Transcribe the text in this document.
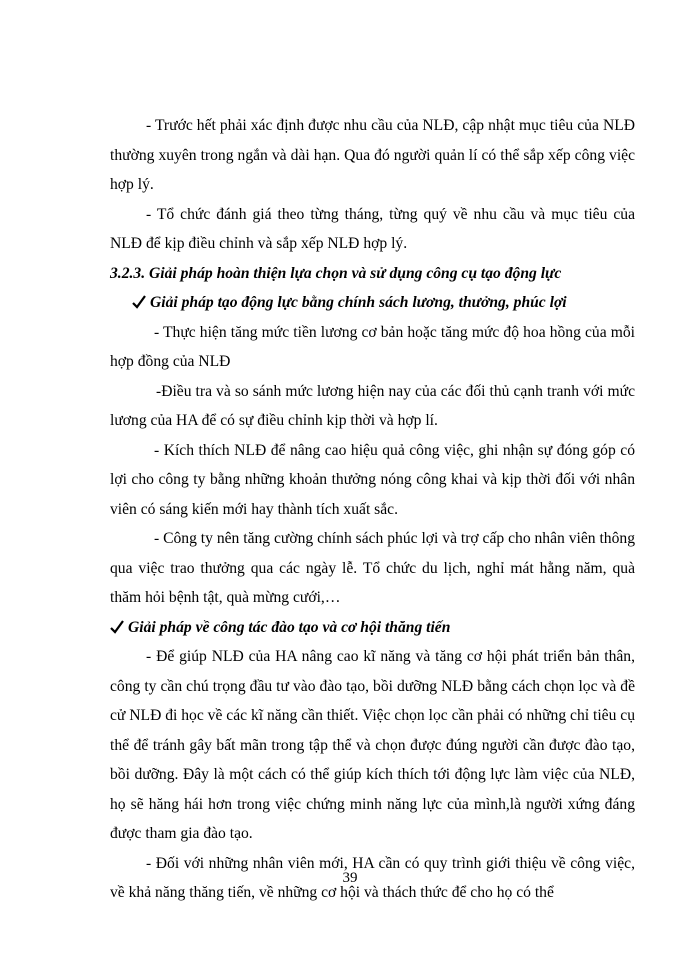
- Trước hết phải xác định được nhu cầu của NLĐ, cập nhật mục tiêu của NLĐ thường xuyên trong ngắn và dài hạn. Qua đó người quản lí có thể sắp xếp công việc hợp lý.

- Tổ chức đánh giá theo từng tháng, từng quý về nhu cầu và mục tiêu của NLĐ để kịp điều chỉnh và sắp xếp NLĐ hợp lý.

3.2.3. Giải pháp hoàn thiện lựa chọn và sử dụng công cụ tạo động lực

Giải pháp tạo động lực bằng chính sách lương, thưởng, phúc lợi

- Thực hiện tăng mức tiền lương cơ bản hoặc tăng mức độ hoa hồng của mỗi hợp đồng của NLĐ

-Điều tra và so sánh mức lương hiện nay của các đối thủ cạnh tranh với mức lương của HA để có sự điều chỉnh kịp thời và hợp lí.

- Kích thích NLĐ để nâng cao hiệu quả công việc, ghi nhận sự đóng góp có lợi cho công ty bằng những khoản thưởng nóng công khai và kịp thời đối với nhân viên có sáng kiến mới hay thành tích xuất sắc.

- Công ty nên tăng cường chính sách phúc lợi và trợ cấp cho nhân viên thông qua việc trao thưởng qua các ngày lễ. Tổ chức du lịch, nghỉ mát hằng năm, quà thăm hỏi bệnh tật, quà mừng cưới,…

Giải pháp về công tác đào tạo và cơ hội thăng tiến

- Để giúp NLĐ của HA nâng cao kĩ năng và tăng cơ hội phát triển bản thân, công ty cần chú trọng đầu tư vào đào tạo, bồi dưỡng NLĐ bằng cách chọn lọc và đề cử NLĐ đi học về các kĩ năng cần thiết. Việc chọn lọc cần phải có những chỉ tiêu cụ thể để tránh gây bất mãn trong tập thể và chọn được đúng người cần được đào tạo, bồi dưỡng. Đây là một cách có thể giúp kích thích tới động lực làm việc của NLĐ, họ sẽ hăng hái hơn trong việc chứng minh năng lực của mình,là người xứng đáng được tham gia đào tạo.

- Đối với những nhân viên mới, HA cần có quy trình giới thiệu về công việc, về khả năng thăng tiến, về những cơ hội và thách thức để cho họ có thể

39
